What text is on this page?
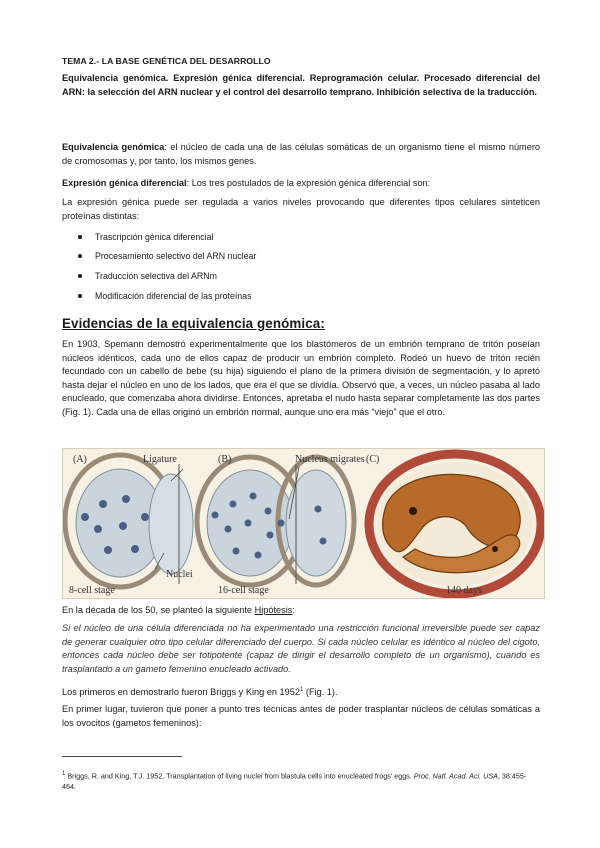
TEMA 2.- LA BASE GENÉTICA DEL DESARROLLO
Equivalencia genómica. Expresión génica diferencial. Reprogramación celular. Procesado diferencial del ARN: la selección del ARN nuclear y el control del desarrollo temprano. Inhibición selectiva de la traducción.
Equivalencia genómica: el núcleo de cada una de las células somáticas de un organismo tiene el mismo número de cromosomas y, por tanto, los mismos genes.
Expresión génica diferencial: Los tres postulados de la expresión génica diferencial son:
La expresión génica puede ser regulada a varios niveles provocando que diferentes tipos celulares sinteticen proteínas distintas:
Trascripción génica diferencial
Procesamiento selectivo del ARN nuclear
Traducción selectiva del ARNm
Modificación diferencial de las proteínas
Evidencias de la equivalencia genómica:
En 1903, Spemann demostró experimentalmente que los blastómeros de un embrión temprano de tritón poseían núcleos idénticos, cada uno de ellos capaz de producir un embrión completo. Rodeó un huevo de tritón recién fecundado con un cabello de bebe (su hija) siguiendo el plano de la primera división de segmentación, y lo apretó hasta dejar el núcleo en uno de los lados, que era el que se dividía. Observó que, a veces, un núcleo pasaba al lado enucleado, que comenzaba ahora dividirse. Entonces, apretaba el nudo hasta separar completamente las dos partes (Fig. 1). Cada una de ellas originó un embrión normal, aunque uno era más “viejo” que el otro.
(A)	(B)	(C)
Ligature	Nucleus migrates
Nuclei
8-cell stage	16-cell stage	140 days
En la década de los 50, se planteó la siguiente Hipótesis:
Si el núcleo de una célula diferenciada no ha experimentado una restricción funcional irreversible puede ser capaz de generar cualquier otro tipo celular diferenciado del cuerpo. Si cada núcleo celular es idéntico al núcleo del cigoto, entonces cada núcleo debe ser totipotente (capaz de dirigir el desarrollo completo de un organismo), cuando es trasplantado a un gameto femenino enucleado activado.
Los primeros en demostrarlo fueron Briggs y King en 1952$^1$ (Fig. 1).
En primer lugar, tuvieron que poner a punto tres técnicas antes de poder trasplantar núcleos de células somáticas a los ovocitos (gametos femeninos):
$^1$ Briggs, R. and King, T.J. 1952. Transplantation of living nuclei from blastula cells into enucleated frogs' eggs. Proc. Natl. Acad. Aci. USA, 38:455-464.
